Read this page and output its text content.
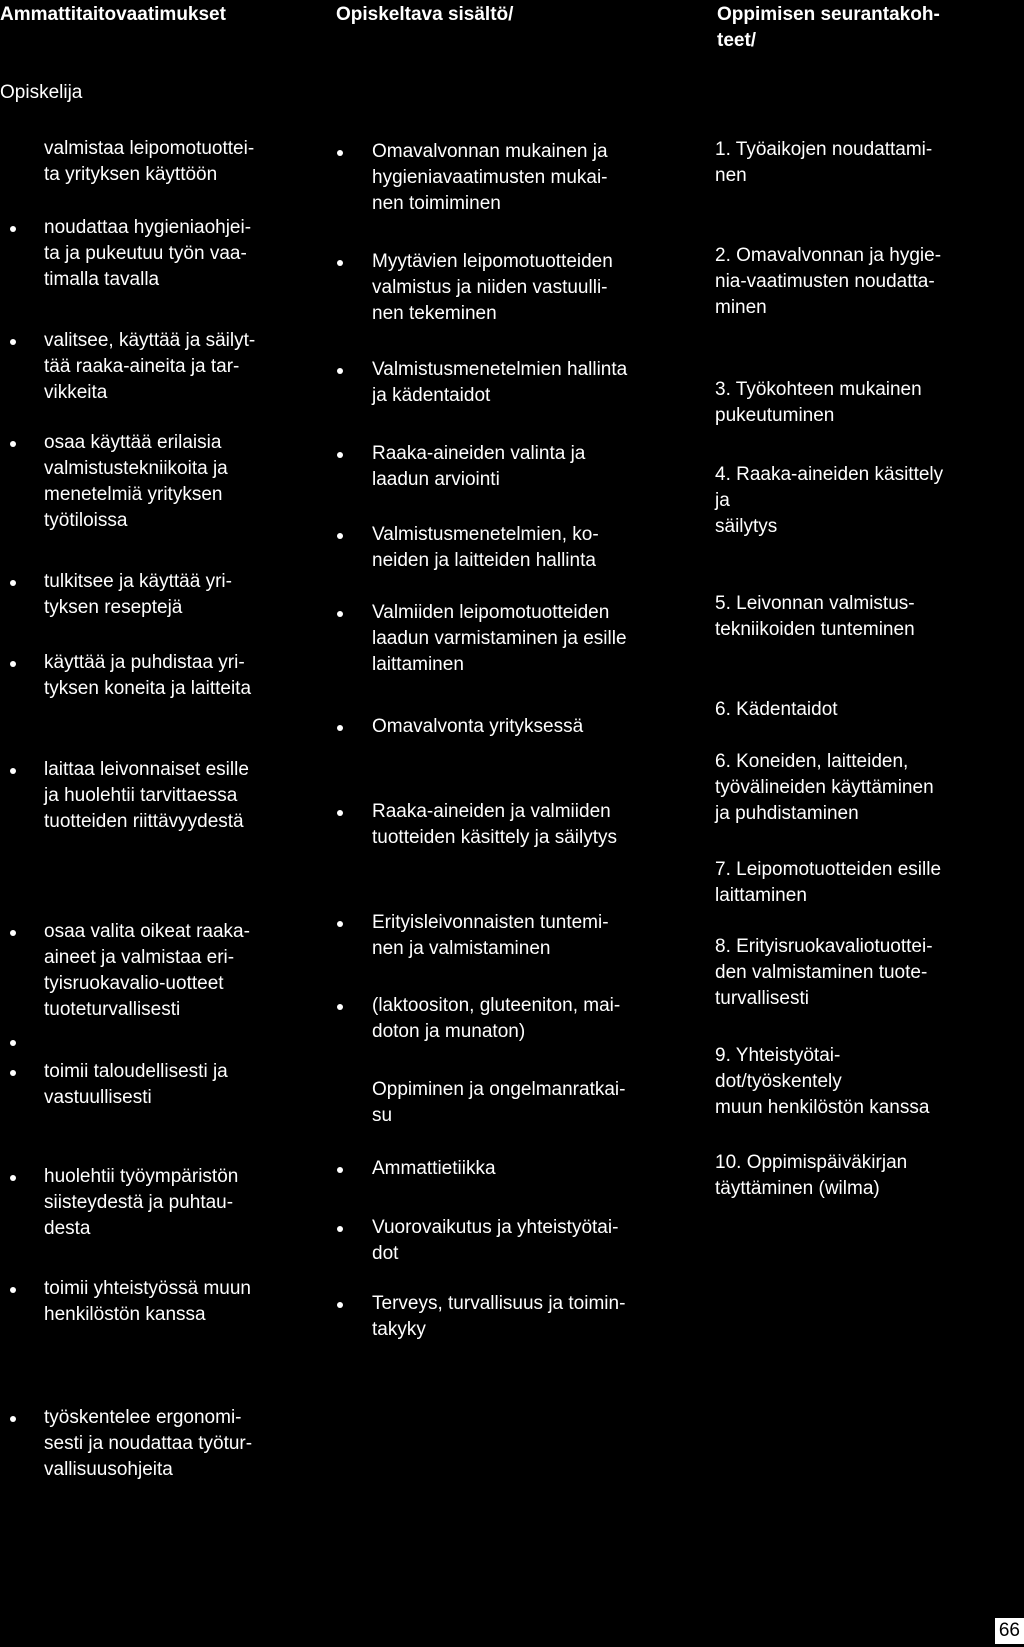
Ammattitaitovaatimukset	Opiskeltava sisältö/	Oppimisen seurantakoh-
teet/
Opiskelija
valmistaa leipomotuottei-
ta yrityksen käyttöön
noudattaa hygieniaohjei-
ta ja pukeutuu työn vaa-
timalla tavalla
valitsee, käyttää ja säilyt-
tää raaka-aineita ja tar-
vikkeita
osaa käyttää erilaisia
valmistustekniikoita ja
menetelmiä yrityksen
työtiloissa
tulkitsee ja käyttää yri-
tyksen reseptejä
käyttää ja puhdistaa yri-
tyksen koneita ja laitteita
laittaa leivonnaiset esille
ja huolehtii tarvittaessa
tuotteiden riittävyydestä
osaa valita oikeat raaka-
aineet ja valmistaa eri-
tyisruokavalio-uotteet
tuoteturvallisesti
toimii taloudellisesti ja
vastuullisesti
huolehtii työympäristön
siisteydestä ja puhtau-
desta
toimii yhteistyössä muun
henkilöstön kanssa
työskentelee ergonomi-
sesti ja noudattaa työtur-
vallisuusohjeita
Omavalvonnan mukainen ja
hygieniavaatimusten mukai-
nen toimiminen
Myytävien leipomotuotteiden
valmistus ja niiden vastuulli-
nen tekeminen
Valmistusmenetelmien hallinta
ja kädentaidot
Raaka-aineiden valinta ja
laadun arviointi
Valmistusmenetelmien, ko-
neiden ja laitteiden hallinta
Valmiiden leipomotuotteiden
laadun varmistaminen ja esille
laittaminen
Omavalvonta yrityksessä
Raaka-aineiden ja valmiiden
tuotteiden käsittely ja säilytys
Erityisleivonnaisten tuntemi-
nen ja valmistaminen
(laktoositon, gluteeniton, mai-
doton ja munaton)
Oppiminen ja ongelmanratkai-
su
Ammattietiikka
Vuorovaikutus ja yhteistyötai-
dot
Terveys, turvallisuus ja toimin-
takyky
1. Työaikojen noudattami-
nen
2. Omavalvonnan ja hygie-
nia-vaatimusten noudatta-
minen
3. Työkohteen mukainen
pukeutuminen
4. Raaka-aineiden käsittely
ja
säilytys
5. Leivonnan valmistus-
tekniikoiden tunteminen
6. Kädentaidot
6. Koneiden, laitteiden,
työvälineiden käyttäminen
ja puhdistaminen
7. Leipomotuotteiden esille
laittaminen
8. Erityisruokavaliotuottei-
den valmistaminen tuote-
turvallisesti
9. Yhteistyötai-
dot/työskentely
muun henkilöstön kanssa
10. Oppimispäiväkirjan
täyttäminen (wilma)
66
